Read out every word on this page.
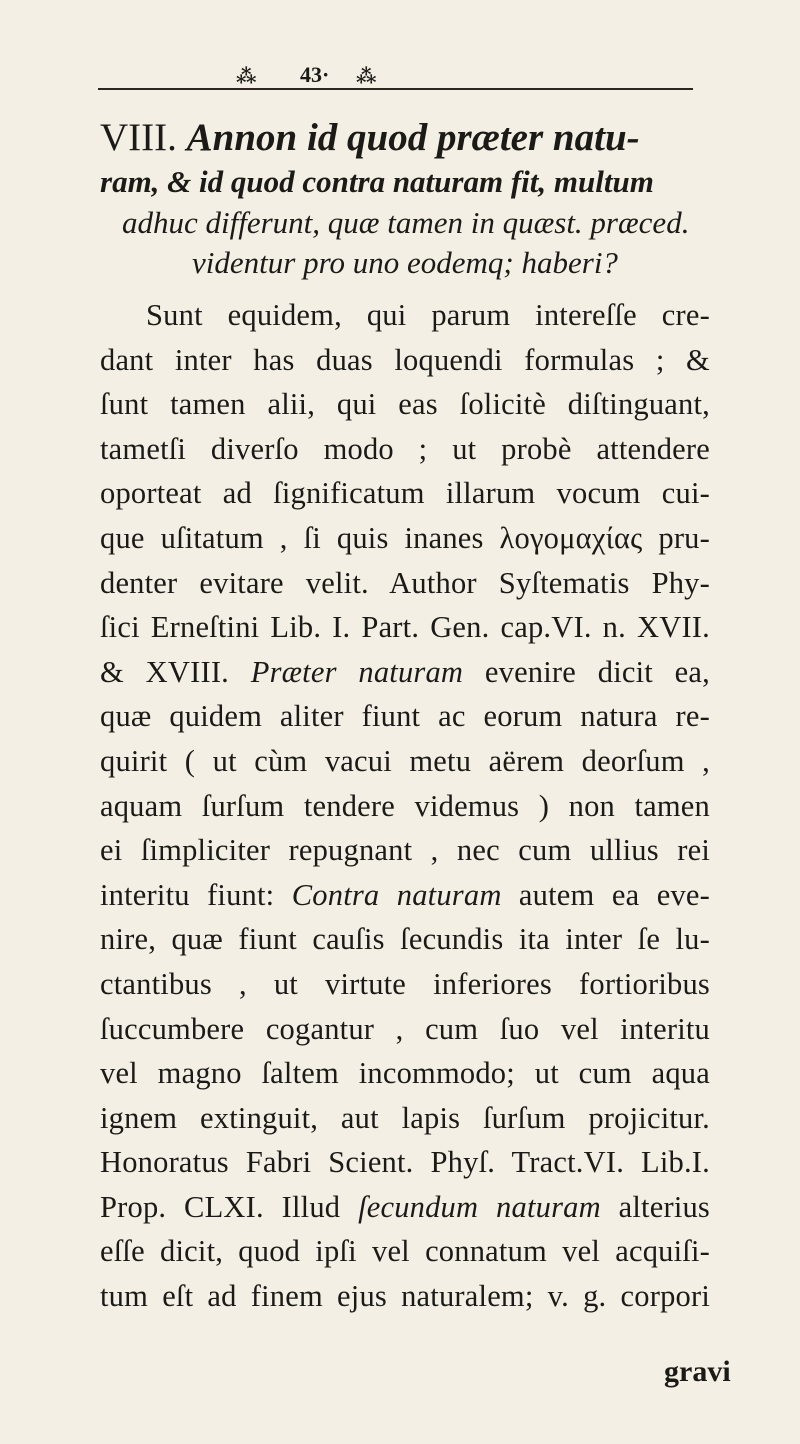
⁂ 43· ⁂

VIII. Annon id quod præter natu-

ram, & id quod contra naturam fit, multum

adhuc differunt, quæ tamen in quæst. præced.

videntur pro uno eodemq; haberi?

Sunt equidem, qui parum intereſſe cre-
dant inter has duas loquendi formulas ; &
ſunt tamen alii, qui eas ſolicitè diſtinguant,
tametſi diverſo modo ; ut probè attendere
oporteat ad ſignificatum illarum vocum cui-
que uſitatum , ſi quis inanes λογομαχίας pru-
denter evitare velit. Author Syſtematis Phy-
ſici Erneſtini Lib. I. Part. Gen. cap.VI. n. XVII.
& XVIII. Præter naturam evenire dicit ea,
quæ quidem aliter fiunt ac eorum natura re-
quirit ( ut cùm vacui metu aërem deorſum ,
aquam ſurſum tendere videmus ) non tamen
ei ſimpliciter repugnant , nec cum ullius rei
interitu fiunt: Contra naturam autem ea eve-
nire, quæ fiunt cauſis ſecundis ita inter ſe lu-
ctantibus , ut virtute inferiores fortioribus
ſuccumbere cogantur , cum ſuo vel interitu
vel magno ſaltem incommodo; ut cum aqua
ignem extinguit, aut lapis ſurſum projicitur.
Honoratus Fabri Scient. Phyſ. Tract.VI. Lib.I.
Prop. CLXI. Illud ſecundum naturam alterius
eſſe dicit, quod ipſi vel connatum vel acquiſi-
tum eſt ad finem ejus naturalem; v. g. corpori
gravi
